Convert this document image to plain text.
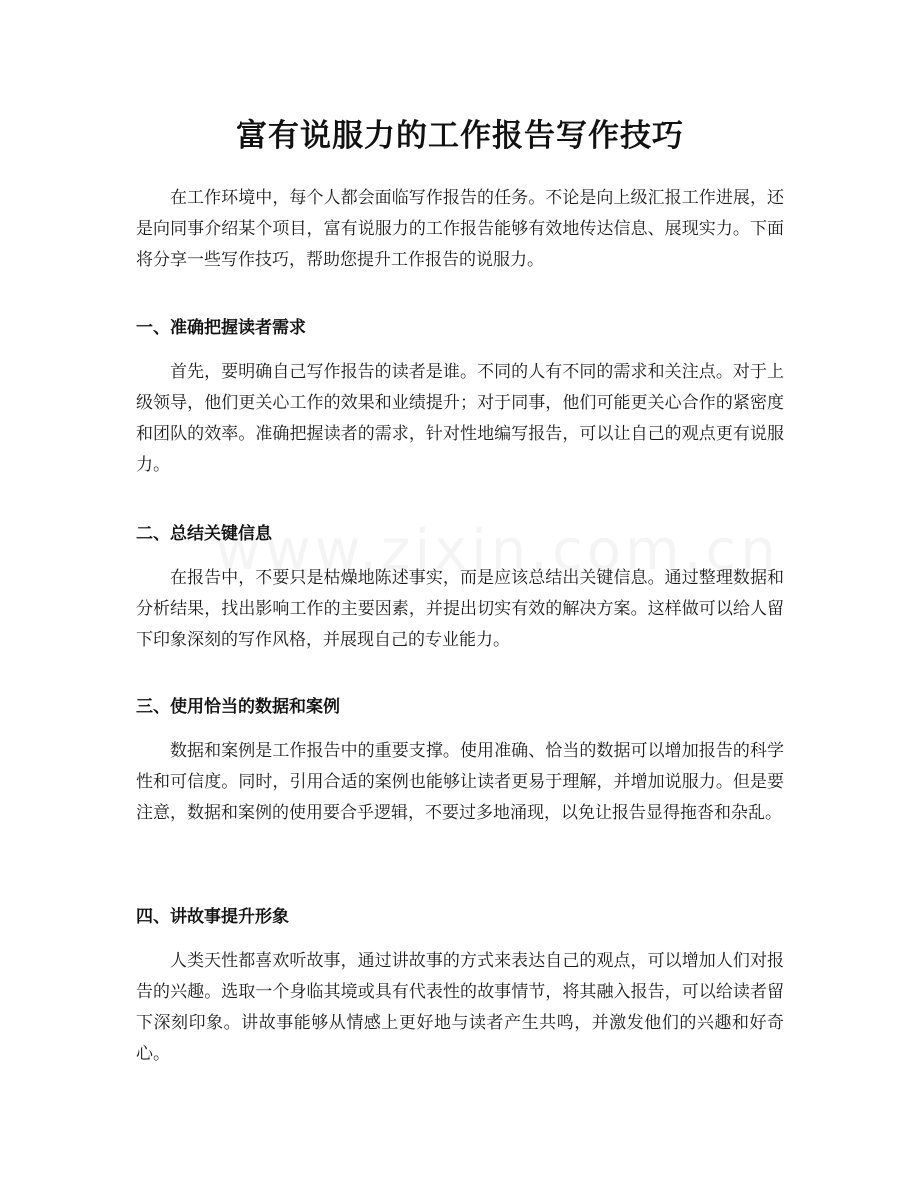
富有说服力的工作报告写作技巧

在工作环境中，每个人都会面临写作报告的任务。不论是向上级汇报工作进展，还是向同事介绍某个项目，富有说服力的工作报告能够有效地传达信息、展现实力。下面将分享一些写作技巧，帮助您提升工作报告的说服力。

一、准确把握读者需求

首先，要明确自己写作报告的读者是谁。不同的人有不同的需求和关注点。对于上级领导，他们更关心工作的效果和业绩提升；对于同事，他们可能更关心合作的紧密度和团队的效率。准确把握读者的需求，针对性地编写报告，可以让自己的观点更有说服力。

二、总结关键信息

在报告中，不要只是枯燥地陈述事实，而是应该总结出关键信息。通过整理数据和分析结果，找出影响工作的主要因素，并提出切实有效的解决方案。这样做可以给人留下印象深刻的写作风格，并展现自己的专业能力。

三、使用恰当的数据和案例

数据和案例是工作报告中的重要支撑。使用准确、恰当的数据可以增加报告的科学性和可信度。同时，引用合适的案例也能够让读者更易于理解，并增加说服力。但是要注意，数据和案例的使用要合乎逻辑，不要过多地涌现，以免让报告显得拖沓和杂乱。

四、讲故事提升形象

人类天性都喜欢听故事，通过讲故事的方式来表达自己的观点，可以增加人们对报告的兴趣。选取一个身临其境或具有代表性的故事情节，将其融入报告，可以给读者留下深刻印象。讲故事能够从情感上更好地与读者产生共鸣，并激发他们的兴趣和好奇心。
